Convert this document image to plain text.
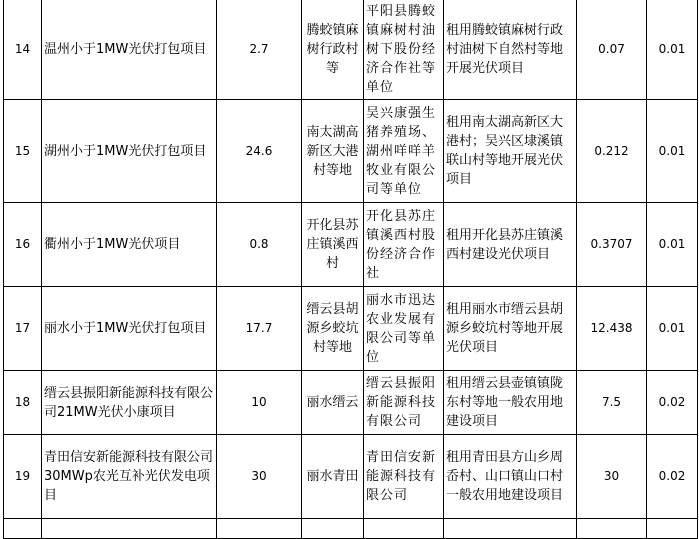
14	温州小于1MW光伏打包项目	2.7	腾蛟镇麻树行政村等	平阳县腾蛟镇麻树村油树下股份经济合作社等单位	租用腾蛟镇麻树行政村油树下自然村等地开展光伏项目	0.07	0.01
15	湖州小于1MW光伏打包项目	24.6	南太湖高新区大港村等地	吴兴康强生猪养殖场、湖州咩咩羊牧业有限公司等单位	租用南太湖高新区大港村；吴兴区埭溪镇联山村等地开展光伏项目	0.212	0.01
16	衢州小于1MW光伏项目	0.8	开化县苏庄镇溪西村	开化县苏庄镇溪西村股份经济合作社	租用开化县苏庄镇溪西村建设光伏项目	0.3707	0.01
17	丽水小于1MW光伏打包项目	17.7	缙云县胡源乡蛟坑村等地	丽水市迅达农业发展有限公司等单位	租用丽水市缙云县胡源乡蛟坑村等地开展光伏项目	12.438	0.01
18	缙云县振阳新能源科技有限公司21MW光伏小康项目	10	丽水缙云	缙云县振阳新能源科技有限公司	租用缙云县壶镇镇陇东村等地一般农用地建设项目	7.5	0.02
19	青田信安新能源科技有限公司30MWp农光互补光伏发电项目	30	丽水青田	青田信安新能源科技有限公司	租用青田县方山乡周岙村、山口镇山口村一般农用地建设项目	30	0.02
